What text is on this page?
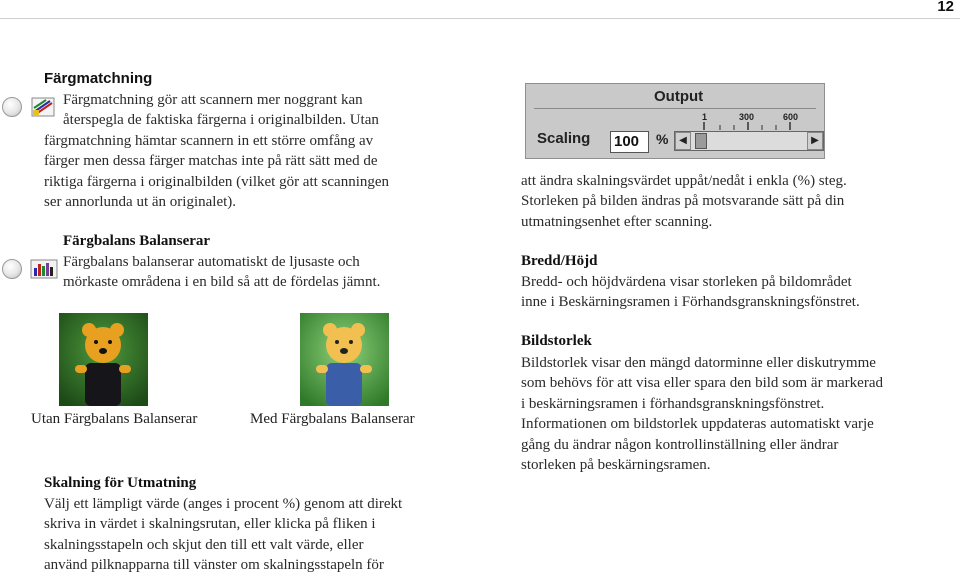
12
Färgmatchning
Färgmatchning gör att scannern mer noggrant kan
återspegla de faktiska färgerna i originalbilden. Utan
färgmatchning hämtar scannern in ett större omfång av
färger men dessa färger matchas inte på rätt sätt med de
riktiga färgerna i originalbilden (vilket gör att scanningen
ser annorlunda ut än originalet).
Färgbalans Balanserar
Färgbalans balanserar automatiskt de ljusaste och
mörkaste områdena i en bild så att de fördelas jämnt.
Utan Färgbalans Balanserar	Med Färgbalans Balanserar
Skalning för Utmatning
Välj ett lämpligt värde (anges i procent %) genom att direkt
skriva in värdet i skalningsrutan, eller klicka på fliken i
skalningsstapeln och skjut den till ett valt värde, eller
använd pilknapparna till vänster om skalningsstapeln för
Output
Scaling 100	%
1	300	600
◀	▶
att ändra skalningsvärdet uppåt/nedåt i enkla (%) steg.
Storleken på bilden ändras på motsvarande sätt på din
utmatningsenhet efter scanning.
Bredd/Höjd
Bredd- och höjdvärdena visar storleken på bildområdet
inne i Beskärningsramen i Förhandsgranskningsfönstret.
Bildstorlek
Bildstorlek visar den mängd datorminne eller diskutrymme
som behövs för att visa eller spara den bild som är markerad
i beskärningsramen i förhandsgranskningsfönstret.
Informationen om bildstorlek uppdateras automatiskt varje
gång du ändrar någon kontrollinställning eller ändrar
storleken på beskärningsramen.
